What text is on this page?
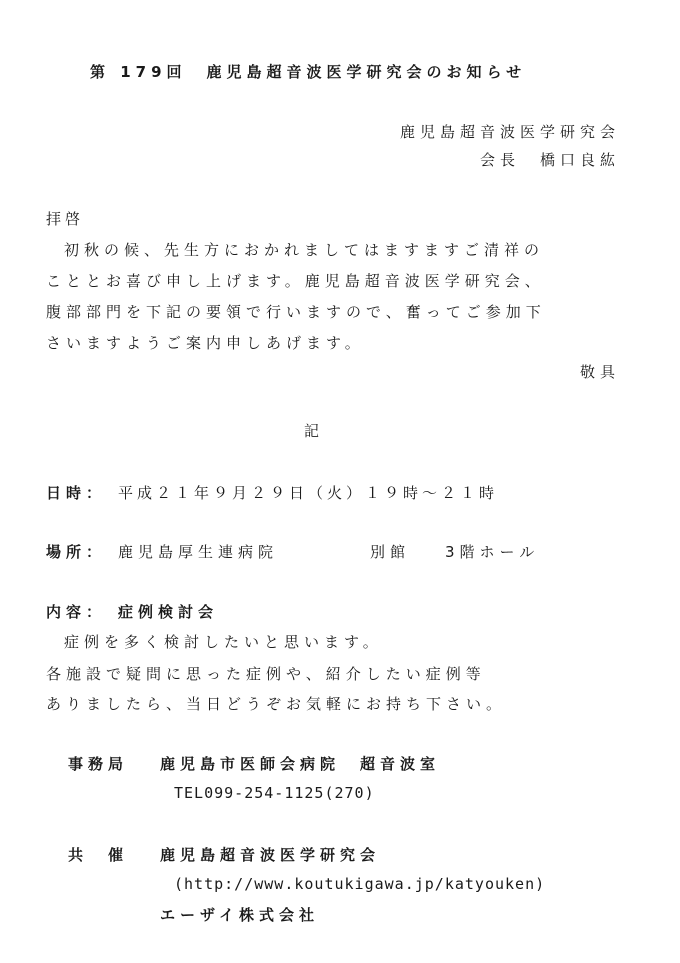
第 179回　鹿児島超音波医学研究会のお知らせ
鹿児島超音波医学研究会
会長　橋口良紘
拝啓
初秋の候、先生方におかれましてはますますご清祥の
こととお喜び申し上げます。鹿児島超音波医学研究会、
腹部部門を下記の要領で行いますので、奮ってご参加下
さいますようご案内申しあげます。
敬具
記
日時： 平成２１年９月２９日（火）１９時～２１時
場所： 鹿児島厚生連病院	別館 3階ホール
内容： 症例検討会
症例を多く検討したいと思います。
各施設で疑問に思った症例や、紹介したい症例等
ありましたら、当日どうぞお気軽にお持ち下さい。
事務局 鹿児島市医師会病院　超音波室
TEL099-254-1125(270)
共　催 鹿児島超音波医学研究会
(http://www.koutukigawa.jp/katyouken)
エーザイ株式会社
